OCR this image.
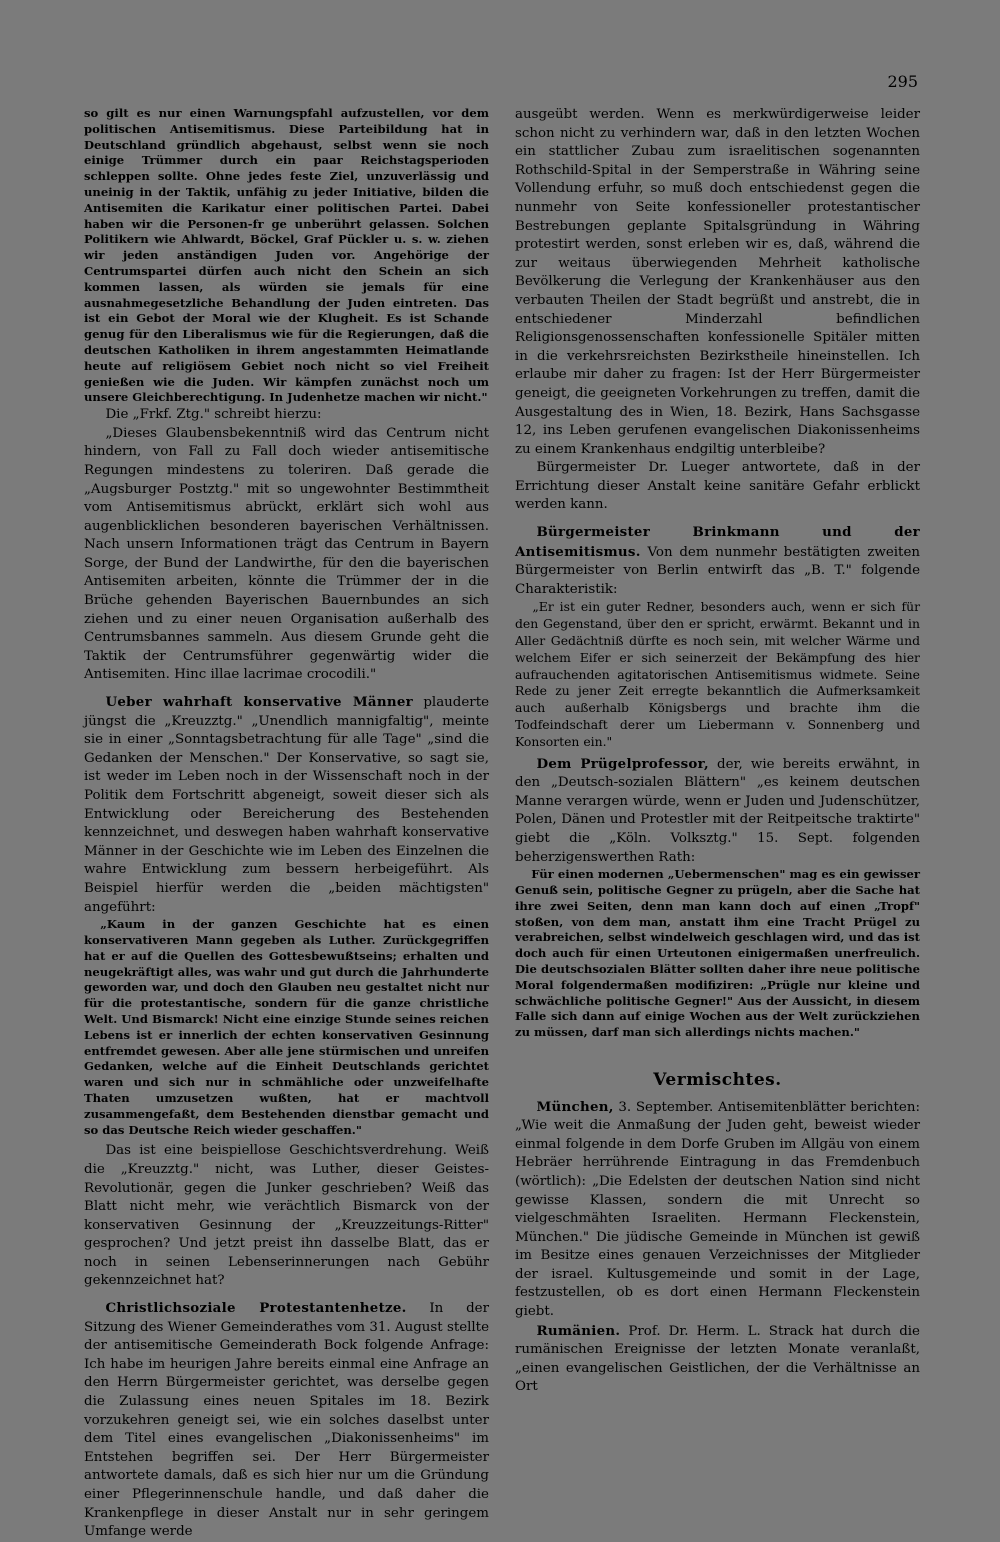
295

so gilt es nur einen Warnungspfahl aufzustellen, vor dem politischen Antisemitismus. Diese Parteibildung hat in Deutschland gründlich abgehaust, selbst wenn sie noch einige Trümmer durch ein paar Reichstagsperioden schleppen sollte. Ohne jedes feste Ziel, unzuverlässig und uneinig in der Taktik, unfähig zu jeder Initiative, bilden die Antisemiten die Karikatur einer politischen Partei. Dabei haben wir die Personen-fr ge unberührt gelassen. Solchen Politikern wie Ahlwardt, Böckel, Graf Pückler u. s. w. ziehen wir jeden anständigen Juden vor. Angehörige der Centrumspartei dürfen auch nicht den Schein an sich kommen lassen, als würden sie jemals für eine ausnahmegesetzliche Behandlung der Juden eintreten. Das ist ein Gebot der Moral wie der Klugheit. Es ist Schande genug für den Liberalismus wie für die Regierungen, daß die deutschen Katholiken in ihrem angestammten Heimatlande heute auf religiösem Gebiet noch nicht so viel Freiheit genießen wie die Juden. Wir kämpfen zunächst noch um unsere Gleichberechtigung. In Judenhetze machen wir nicht."

Die „Frkf. Ztg." schreibt hierzu:

„Dieses Glaubensbekenntniß wird das Centrum nicht hindern, von Fall zu Fall doch wieder antisemitische Regungen mindestens zu toleriren. Daß gerade die „Augsburger Postztg." mit so ungewohnter Bestimmtheit vom Antisemitismus abrückt, erklärt sich wohl aus augenblicklichen besonderen bayerischen Verhältnissen. Nach unsern Informationen trägt das Centrum in Bayern Sorge, der Bund der Landwirthe, für den die bayerischen Antisemiten arbeiten, könnte die Trümmer der in die Brüche gehenden Bayerischen Bauernbundes an sich ziehen und zu einer neuen Organisation außerhalb des Centrumsbannes sammeln. Aus diesem Grunde geht die Taktik der Centrumsführer gegenwärtig wider die Antisemiten. Hinc illae lacrimae crocodili."

Ueber wahrhaft konservative Männer plauderte jüngst die „Kreuzztg." „Unendlich mannigfaltig", meinte sie in einer „Sonntagsbetrachtung für alle Tage" „sind die Gedanken der Menschen." Der Konservative, so sagt sie, ist weder im Leben noch in der Wissenschaft noch in der Politik dem Fortschritt abgeneigt, soweit dieser sich als Entwicklung oder Bereicherung des Bestehenden kennzeichnet, und deswegen haben wahrhaft konservative Männer in der Geschichte wie im Leben des Einzelnen die wahre Entwicklung zum bessern herbeigeführt. Als Beispiel hierfür werden die „beiden mächtigsten" angeführt:

„Kaum in der ganzen Geschichte hat es einen konservativeren Mann gegeben als Luther. Zurückgegriffen hat er auf die Quellen des Gottesbewußtseins; erhalten und neugekräftigt alles, was wahr und gut durch die Jahrhunderte geworden war, und doch den Glauben neu gestaltet nicht nur für die protestantische, sondern für die ganze christliche Welt. Und Bismarck! Nicht eine einzige Stunde seines reichen Lebens ist er innerlich der echten konservativen Gesinnung entfremdet gewesen. Aber alle jene stürmischen und unreifen Gedanken, welche auf die Einheit Deutschlands gerichtet waren und sich nur in schmähliche oder unzweifelhafte Thaten umzusetzen wußten, hat er machtvoll zusammengefaßt, dem Bestehenden dienstbar gemacht und so das Deutsche Reich wieder geschaffen."

Das ist eine beispiellose Geschichtsverdrehung. Weiß die „Kreuzztg." nicht, was Luther, dieser Geistes-Revolutionär, gegen die Junker geschrieben? Weiß das Blatt nicht mehr, wie verächtlich Bismarck von der konservativen Gesinnung der „Kreuzzeitungs-Ritter" gesprochen? Und jetzt preist ihn dasselbe Blatt, das er noch in seinen Lebenserinnerungen nach Gebühr gekennzeichnet hat?

Christlichsoziale Protestantenhetze. In der Sitzung des Wiener Gemeinderathes vom 31. August stellte der antisemitische Gemeinderath Bock folgende Anfrage: Ich habe im heurigen Jahre bereits einmal eine Anfrage an den Herrn Bürgermeister gerichtet, was derselbe gegen die Zulassung eines neuen Spitales im 18. Bezirk vorzukehren geneigt sei, wie ein solches daselbst unter dem Titel eines evangelischen „Diakonissenheims" im Entstehen begriffen sei. Der Herr Bürgermeister antwortete damals, daß es sich hier nur um die Gründung einer Pflegerinnenschule handle, und daß daher die Krankenpflege in dieser Anstalt nur in sehr geringem Umfange werde

ausgeübt werden. Wenn es merkwürdigerweise leider schon nicht zu verhindern war, daß in den letzten Wochen ein stattlicher Zubau zum israelitischen sogenannten Rothschild-Spital in der Semperstraße in Währing seine Vollendung erfuhr, so muß doch entschiedenst gegen die nunmehr von Seite konfessioneller protestantischer Bestrebungen geplante Spitalsgründung in Währing protestirt werden, sonst erleben wir es, daß, während die zur weitaus überwiegenden Mehrheit katholische Bevölkerung die Verlegung der Krankenhäuser aus den verbauten Theilen der Stadt begrüßt und anstrebt, die in entschiedener Minderzahl befindlichen Religionsgenossenschaften konfessionelle Spitäler mitten in die verkehrsreichsten Bezirkstheile hineinstellen. Ich erlaube mir daher zu fragen: Ist der Herr Bürgermeister geneigt, die geeigneten Vorkehrungen zu treffen, damit die Ausgestaltung des in Wien, 18. Bezirk, Hans Sachsgasse 12, ins Leben gerufenen evangelischen Diakonissenheims zu einem Krankenhaus endgiltig unterbleibe?

Bürgermeister Dr. Lueger antwortete, daß in der Errichtung dieser Anstalt keine sanitäre Gefahr erblickt werden kann.

Bürgermeister Brinkmann und der Antisemitismus. Von dem nunmehr bestätigten zweiten Bürgermeister von Berlin entwirft das „B. T." folgende Charakteristik:

„Er ist ein guter Redner, besonders auch, wenn er sich für den Gegenstand, über den er spricht, erwärmt. Bekannt und in Aller Gedächtniß dürfte es noch sein, mit welcher Wärme und welchem Eifer er sich seinerzeit der Bekämpfung des hier aufrauchenden agitatorischen Antisemitismus widmete. Seine Rede zu jener Zeit erregte bekanntlich die Aufmerksamkeit auch außerhalb Königsbergs und brachte ihm die Todfeindschaft derer um Liebermann v. Sonnenberg und Konsorten ein."

Dem Prügelprofessor, der, wie bereits erwähnt, in den „Deutsch-sozialen Blättern" „es keinem deutschen Manne verargen würde, wenn er Juden und Judenschützer, Polen, Dänen und Protestler mit der Reitpeitsche traktirte" giebt die „Köln. Volksztg." 15. Sept. folgenden beherzigenswerthen Rath:

Für einen modernen „Uebermenschen" mag es ein gewisser Genuß sein, politische Gegner zu prügeln, aber die Sache hat ihre zwei Seiten, denn man kann doch auf einen „Tropf" stoßen, von dem man, anstatt ihm eine Tracht Prügel zu verabreichen, selbst windelweich geschlagen wird, und das ist doch auch für einen Urteutonen einigermaßen unerfreulich. Die deutschsozialen Blätter sollten daher ihre neue politische Moral folgendermaßen modifiziren: „Prügle nur kleine und schwächliche politische Gegner!" Aus der Aussicht, in diesem Falle sich dann auf einige Wochen aus der Welt zurückziehen zu müssen, darf man sich allerdings nichts machen."

Vermischtes.

München, 3. September. Antisemitenblätter berichten: „Wie weit die Anmaßung der Juden geht, beweist wieder einmal folgende in dem Dorfe Gruben im Allgäu von einem Hebräer herrührende Eintragung in das Fremdenbuch (wörtlich): „Die Edelsten der deutschen Nation sind nicht gewisse Klassen, sondern die mit Unrecht so vielgeschmähten Israeliten. Hermann Fleckenstein, München." Die jüdische Gemeinde in München ist gewiß im Besitze eines genauen Verzeichnisses der Mitglieder der israel. Kultusgemeinde und somit in der Lage, festzustellen, ob es dort einen Hermann Fleckenstein giebt.

Rumänien. Prof. Dr. Herm. L. Strack hat durch die rumänischen Ereignisse der letzten Monate veranlaßt, „einen evangelischen Geistlichen, der die Verhältnisse an Ort
